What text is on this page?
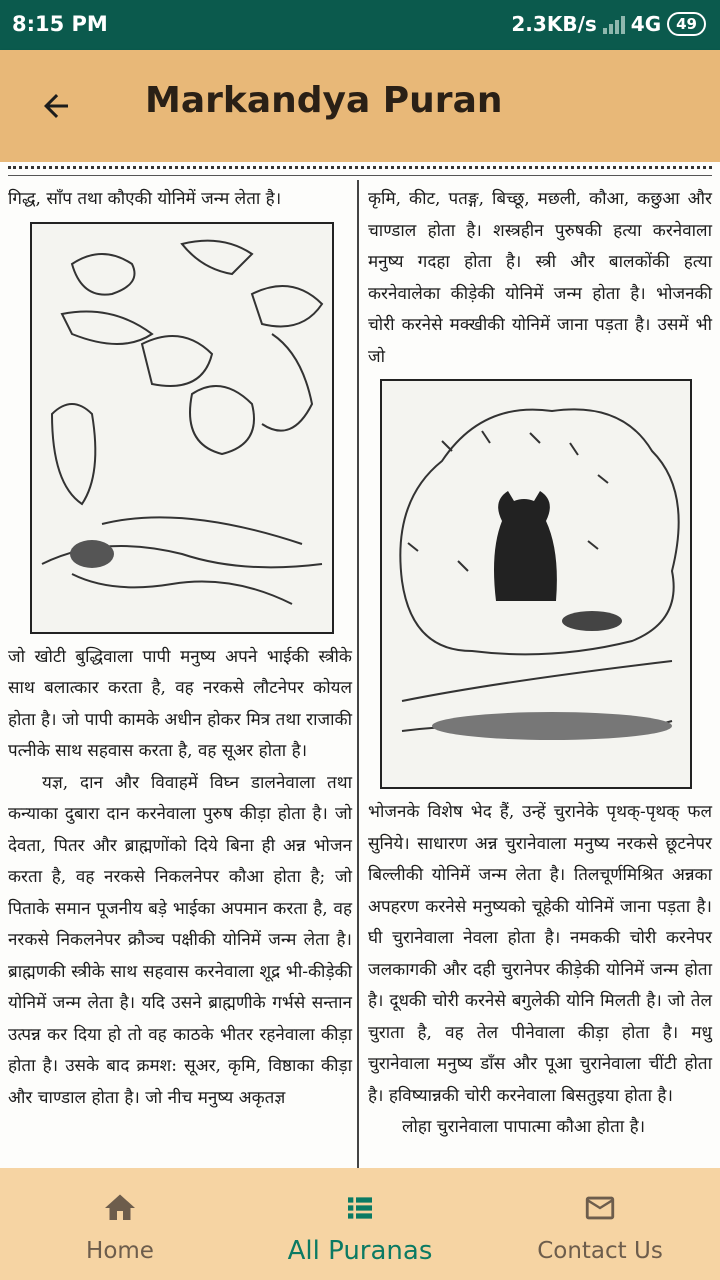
8:15 PM	2.3KB/s 4G	49
Markandya Puran

गिद्ध, साँप तथा कौएकी योनिमें जन्म लेता है।

जो खोटी बुद्धिवाला पापी मनुष्य अपने भाईकी स्त्रीके साथ बलात्कार करता है, वह नरकसे लौटनेपर कोयल होता है। जो पापी कामके अधीन होकर मित्र तथा राजाकी पत्नीके साथ सहवास करता है, वह सूअर होता है।

यज्ञ, दान और विवाहमें विघ्न डालनेवाला तथा कन्याका दुबारा दान करनेवाला पुरुष कीड़ा होता है। जो देवता, पितर और ब्राह्मणोंको दिये बिना ही अन्न भोजन करता है, वह नरकसे निकलनेपर कौआ होता है; जो पिताके समान पूजनीय बड़े भाईका अपमान करता है, वह नरकसे निकलनेपर क्रौञ्च पक्षीकी योनिमें जन्म लेता है। ब्राह्मणकी स्त्रीके साथ सहवास करनेवाला शूद्र भी-कीड़ेकी योनिमें जन्म लेता है। यदि उसने ब्राह्मणीके गर्भसे सन्तान उत्पन्न कर दिया हो तो वह काठके भीतर रहनेवाला कीड़ा होता है। उसके बाद क्रमश: सूअर, कृमि, विष्ठाका कीड़ा और चाण्डाल होता है। जो नीच मनुष्य अकृतज्ञ

कृमि, कीट, पतङ्ग, बिच्छू, मछली, कौआ, कछुआ और चाण्डाल होता है। शस्त्रहीन पुरुषकी हत्या करनेवाला मनुष्य गदहा होता है। स्त्री और बालकोंकी हत्या करनेवालेका कीड़ेकी योनिमें जन्म होता है। भोजनकी चोरी करनेसे मक्खीकी योनिमें जाना पड़ता है। उसमें भी जो

भोजनके विशेष भेद हैं, उन्हें चुरानेके पृथक्-पृथक् फल सुनिये। साधारण अन्न चुरानेवाला मनुष्य नरकसे छूटनेपर बिल्लीकी योनिमें जन्म लेता है। तिलचूर्णमिश्रित अन्नका अपहरण करनेसे मनुष्यको चूहेकी योनिमें जाना पड़ता है। घी चुरानेवाला नेवला होता है। नमककी चोरी करनेपर जलकागकी और दही चुरानेपर कीड़ेकी योनिमें जन्म होता है। दूधकी चोरी करनेसे बगुलेकी योनि मिलती है। जो तेल चुराता है, वह तेल पीनेवाला कीड़ा होता है। मधु चुरानेवाला मनुष्य डाँस और पूआ चुरानेवाला चींटी होता है। हविष्यान्नकी चोरी करनेवाला बिसतुइया होता है।

लोहा चुरानेवाला पापात्मा कौआ होता है।

Home	All Puranas	Contact Us
